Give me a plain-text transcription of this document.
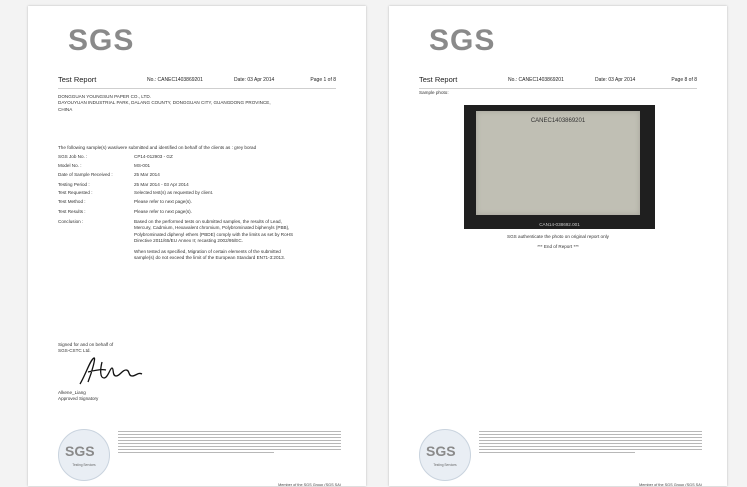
SGS
Test Report	No.: CANEC1403869201	Date: 03 Apr 2014	Page 1 of 8
DONGGUAN YOUNGSUN PAPER CO., LTD.
DAYOUYUAN INDUSTRIAL PARK, DALANG COUNTY, DONGGUAN CITY, GUANGDONG PROVINCE,
CHINA
The following sample(s) was/were submitted and identified on behalf of the clients as : grey borad
SGS Job No. :	CP14-012903 - GZ
Model No. :	MS-001
Date of Sample Received :	25 Mar 2014
Testing Period :	25 Mar 2014 - 03 Apr 2014
Test Requested :	Selected test(s) as requested by client.
Test Method :	Please refer to next page(s).
Test Results :	Please refer to next page(s).
Conclusion :	Based on the performed tests on submitted samples, the results of Lead,
Mercury, Cadmium, Hexavalent chromium, Polybrominated biphenyls (PBB),
Polybrominated diphenyl ethers (PBDE) comply with the limits as set by RoHS
Directive 2011/65/EU Annex II; recasting 2002/95/EC.
When tested as specified, Migration of certain elements of the submitted
sample(s) do not exceed the limit of the European Standard EN71-3:2013.
Signed for and on behalf of
SGS-CSTC Ltd.
Alkene_Liang
Approved Signatory
SGS
Testing Services
Member of the SGS Group (SGS SA)
SGS
Test Report	No.: CANEC1403869201	Date: 03 Apr 2014	Page 8 of 8
Sample photo:
CANEC1403869201
CAN14-038692.001
SGS authenticate the photo on original report only
*** End of Report ***
SGS
Testing Services
Member of the SGS Group (SGS SA)
